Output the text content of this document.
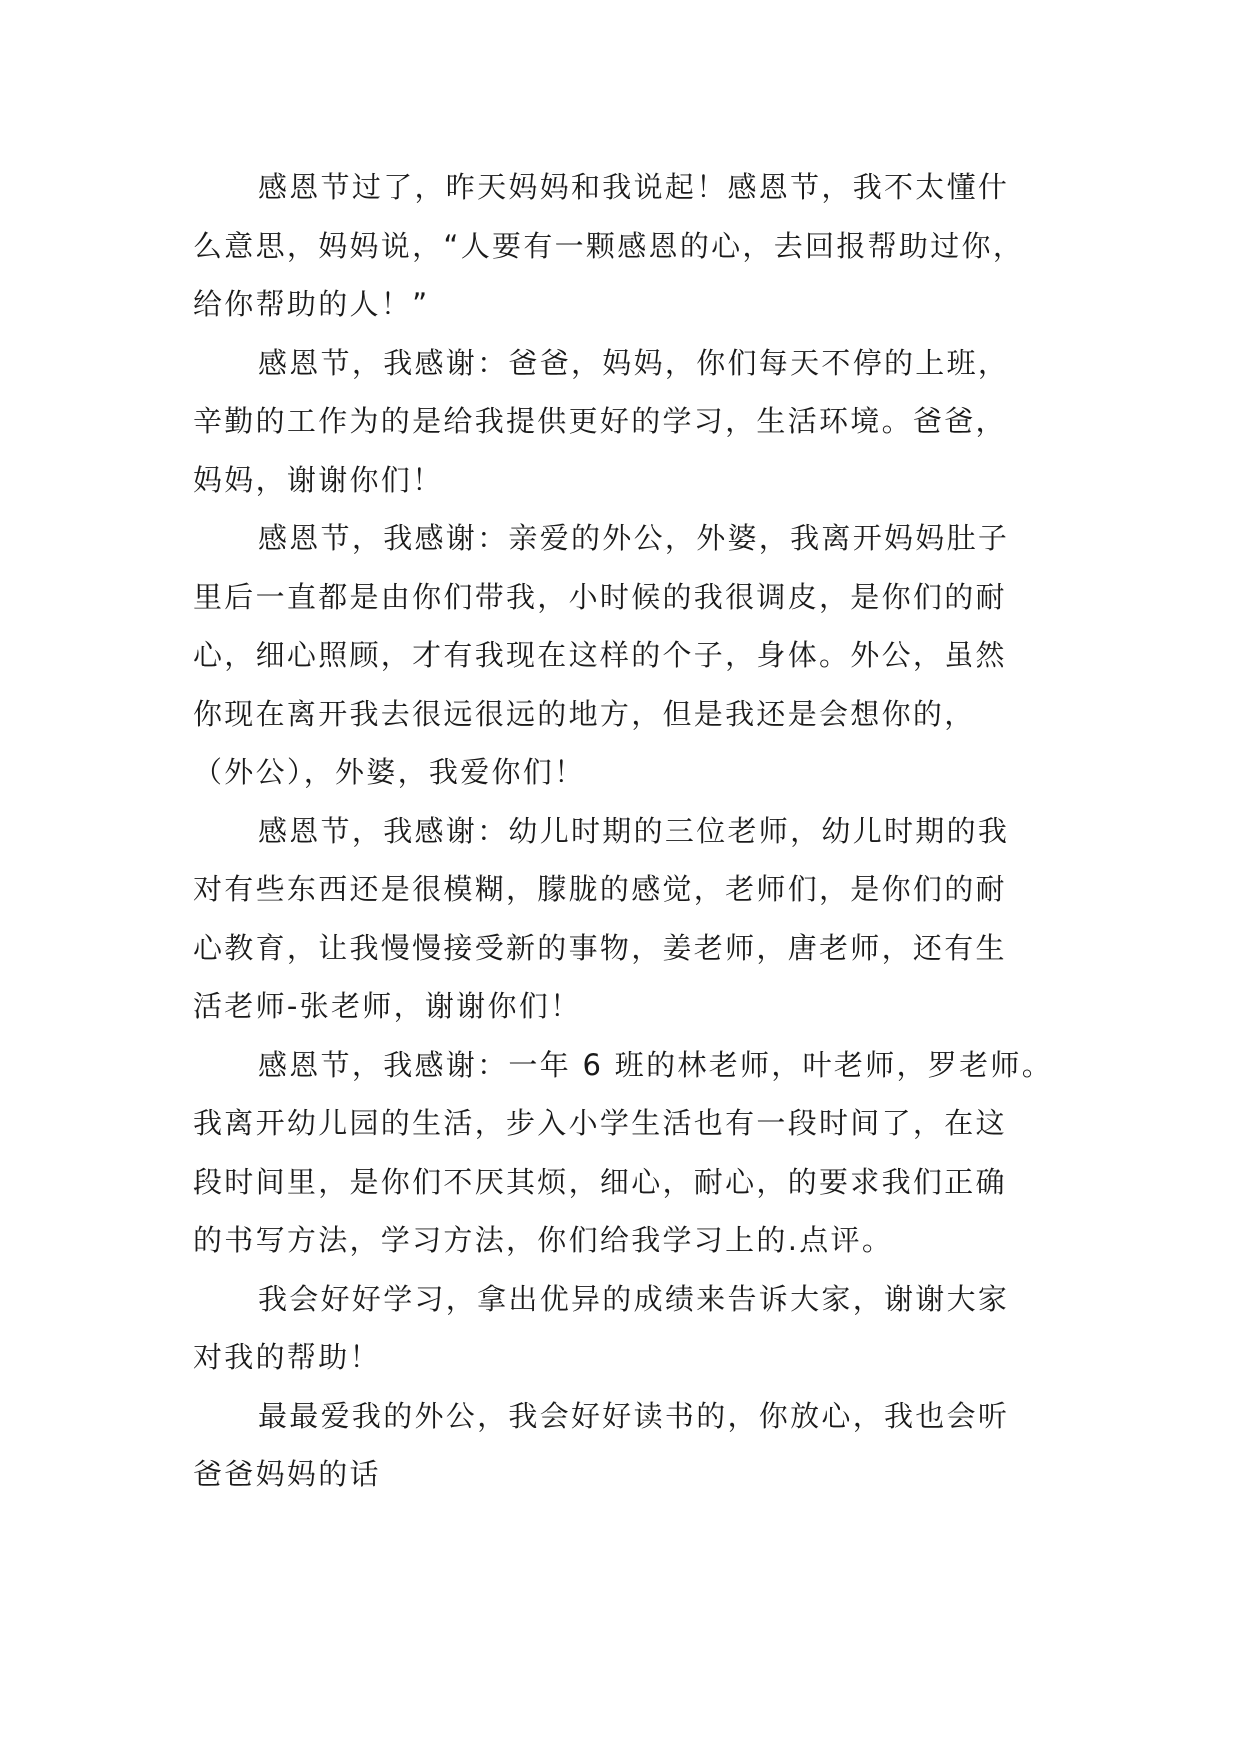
感恩节过了，昨天妈妈和我说起！感恩节，我不太懂什
么意思，妈妈说，“人要有一颗感恩的心，去回报帮助过你，
给你帮助的人！”

感恩节，我感谢：爸爸，妈妈，你们每天不停的上班，
辛勤的工作为的是给我提供更好的学习，生活环境。爸爸，
妈妈，谢谢你们！

感恩节，我感谢：亲爱的外公，外婆，我离开妈妈肚子
里后一直都是由你们带我，小时候的我很调皮，是你们的耐
心，细心照顾，才有我现在这样的个子，身体。外公，虽然
你现在离开我去很远很远的地方，但是我还是会想你的，
（外公），外婆，我爱你们！

感恩节，我感谢：幼儿时期的三位老师，幼儿时期的我
对有些东西还是很模糊，朦胧的感觉，老师们，是你们的耐
心教育，让我慢慢接受新的事物，姜老师，唐老师，还有生
活老师-张老师，谢谢你们！

感恩节，我感谢：一年 6 班的林老师，叶老师，罗老师。
我离开幼儿园的生活，步入小学生活也有一段时间了，在这
段时间里，是你们不厌其烦，细心，耐心，的要求我们正确
的书写方法，学习方法，你们给我学习上的.点评。

我会好好学习，拿出优异的成绩来告诉大家，谢谢大家
对我的帮助！

最最爱我的外公，我会好好读书的，你放心，我也会听
爸爸妈妈的话
